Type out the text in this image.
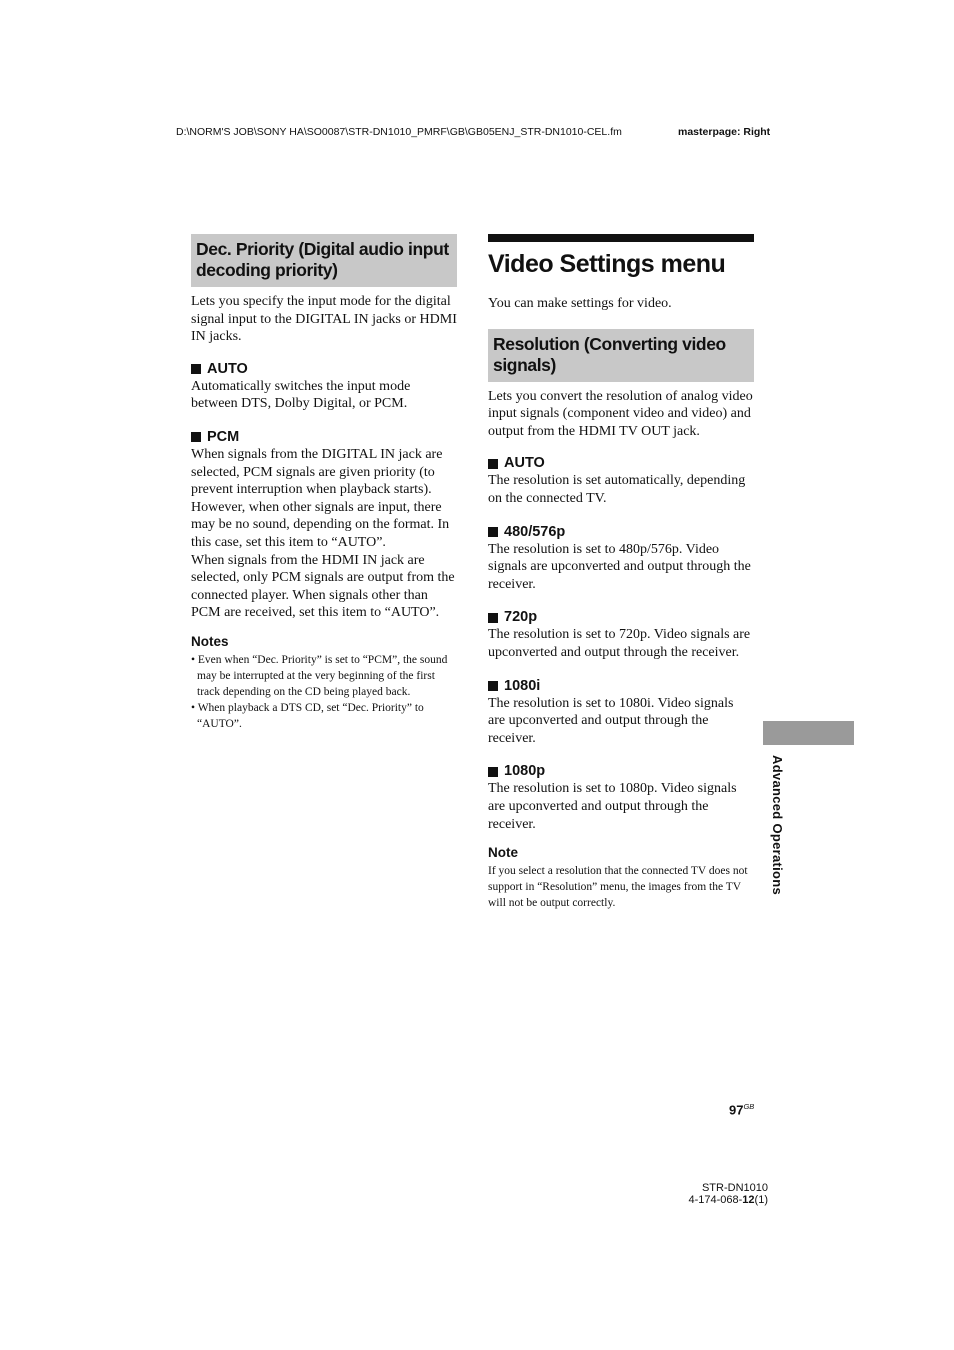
D:\NORM'S JOB\SONY HA\SO0087\STR-DN1010_PMRF\GB\GB05ENJ_STR-DN1010-CEL.fm	masterpage: Right
Dec. Priority (Digital audio input decoding priority)

Lets you specify the input mode for the digital signal input to the DIGITAL IN jacks or HDMI IN jacks.

AUTO

Automatically switches the input mode between DTS, Dolby Digital, or PCM.

PCM

When signals from the DIGITAL IN jack are selected, PCM signals are given priority (to prevent interruption when playback starts). However, when other signals are input, there may be no sound, depending on the format. In this case, set this item to “AUTO”.

When signals from the HDMI IN jack are selected, only PCM signals are output from the connected player. When signals other than PCM are received, set this item to “AUTO”.

Notes

• Even when “Dec. Priority” is set to “PCM”, the sound may be interrupted at the very beginning of the first track depending on the CD being played back.

• When playback a DTS CD, set “Dec. Priority” to “AUTO”.

Video Settings menu

You can make settings for video.

Resolution (Converting video signals)

Lets you convert the resolution of analog video input signals (component video and video) and output from the HDMI TV OUT jack.

AUTO

The resolution is set automatically, depending on the connected TV.

480/576p

The resolution is set to 480p/576p. Video signals are upconverted and output through the receiver.

720p

The resolution is set to 720p. Video signals are upconverted and output through the receiver.

1080i

The resolution is set to 1080i. Video signals are upconverted and output through the receiver.

1080p

The resolution is set to 1080p. Video signals are upconverted and output through the receiver.

Note

If you select a resolution that the connected TV does not support in “Resolution” menu, the images from the TV will not be output correctly.

Advanced Operations
$97^{GB}$
STR-DN1010
4-174-068-12(1)
